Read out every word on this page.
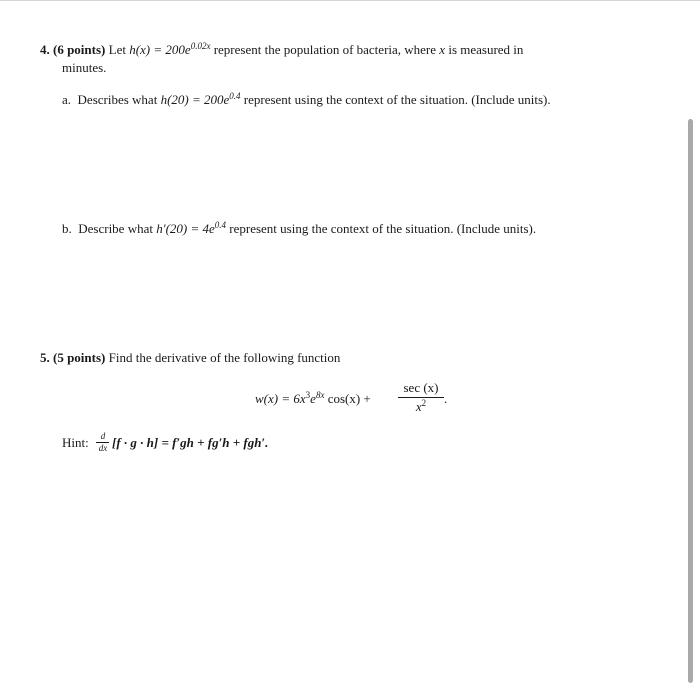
4. (6 points) Let $h(x) = 200e^{0.02x}$ represent the population of bacteria, where x is measured in
minutes.
a. Describes what $h(20) = 200e^{0.4}$ represent using the context of the situation. (Include units).
b. Describe what $h'(20) = 4e^{0.4}$ represent using the context of the situation. (Include units).
5. (5 points) Find the derivative of the following function
$w(x) = 6x^3e^{8x}$ cos(x) +
sec (x)
$x^2$	.
Hint:	d
dx [f · g · h] = f′gh + fg′h + fgh′.
